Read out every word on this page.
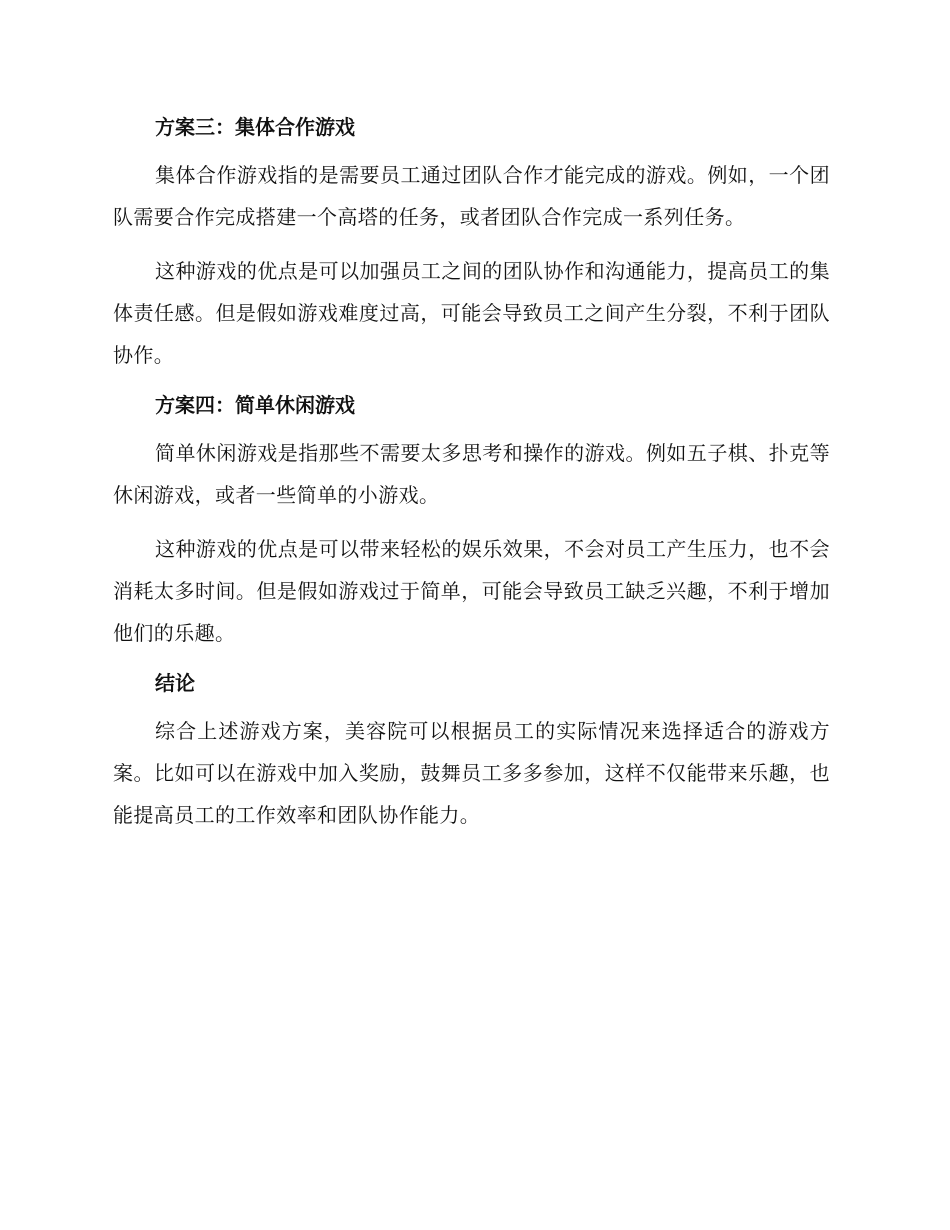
方案三：集体合作游戏

集体合作游戏指的是需要员工通过团队合作才能完成的游戏。例如，一个团队需要合作完成搭建一个高塔的任务，或者团队合作完成一系列任务。

这种游戏的优点是可以加强员工之间的团队协作和沟通能力，提高员工的集体责任感。但是假如游戏难度过高，可能会导致员工之间产生分裂，不利于团队协作。

方案四：简单休闲游戏

简单休闲游戏是指那些不需要太多思考和操作的游戏。例如五子棋、扑克等休闲游戏，或者一些简单的小游戏。

这种游戏的优点是可以带来轻松的娱乐效果，不会对员工产生压力，也不会消耗太多时间。但是假如游戏过于简单，可能会导致员工缺乏兴趣，不利于增加他们的乐趣。

结论

综合上述游戏方案，美容院可以根据员工的实际情况来选择适合的游戏方案。比如可以在游戏中加入奖励，鼓舞员工多多参加，这样不仅能带来乐趣，也能提高员工的工作效率和团队协作能力。
